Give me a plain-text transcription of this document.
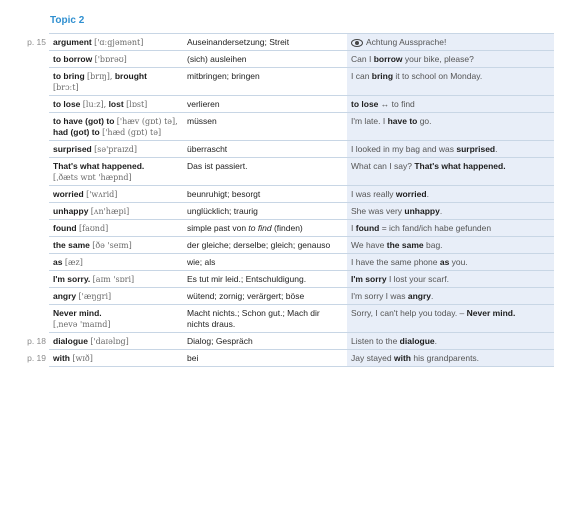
Topic 2
p. 15	argument ['ɑːgjəmənt]	Auseinandersetzung; Streit	Achtung Aussprache!
	to borrow ['bɒrəʊ]	(sich) ausleihen	Can I borrow your bike, please?
	to bring [brɪŋ], brought
[brɔːt]	mitbringen; bringen	I can bring it to school on Monday.
	to lose [luːz], lost [lɒst]	verlieren	to lose ↔ to find
	to have (got) to ['hæv (gɒt) tə], had (got) to ['hæd (gɒt) tə]	müssen	I'm late. I have to go.
	surprised [sə'praɪzd]	überrascht	I looked in my bag and was surprised.
	That's what happened.
[ˌðæts wɒt 'hæpnd]	Das ist passiert.	What can I say? That's what happened.
	worried ['wʌrid]	beunruhigt; besorgt	I was really worried.
	unhappy [ʌn'hæpi]	unglücklich; traurig	She was very unhappy.
	found [faʊnd]	simple past von to find (finden)	I found = ich fand/ich habe gefunden
	the same [ðə 'seɪm]	der gleiche; derselbe; gleich; genauso	We have the same bag.
	as [æz]	wie; als	I have the same phone as you.
	I'm sorry. [aɪm 'sɒri]	Es tut mir leid.; Entschuldigung.	I'm sorry I lost your scarf.
	angry ['æŋgri]	wütend; zornig; verärgert; böse	I'm sorry I was angry.
	Never mind.
[ˌnevə 'maɪnd]	Macht nichts.; Schon gut.; Mach dir nichts draus.	Sorry, I can't help you today. – Never mind.
p. 18	dialogue ['daɪəlɒg]	Dialog; Gespräch	Listen to the dialogue.
p. 19	with [wɪð]	bei	Jay stayed with his grandparents.
